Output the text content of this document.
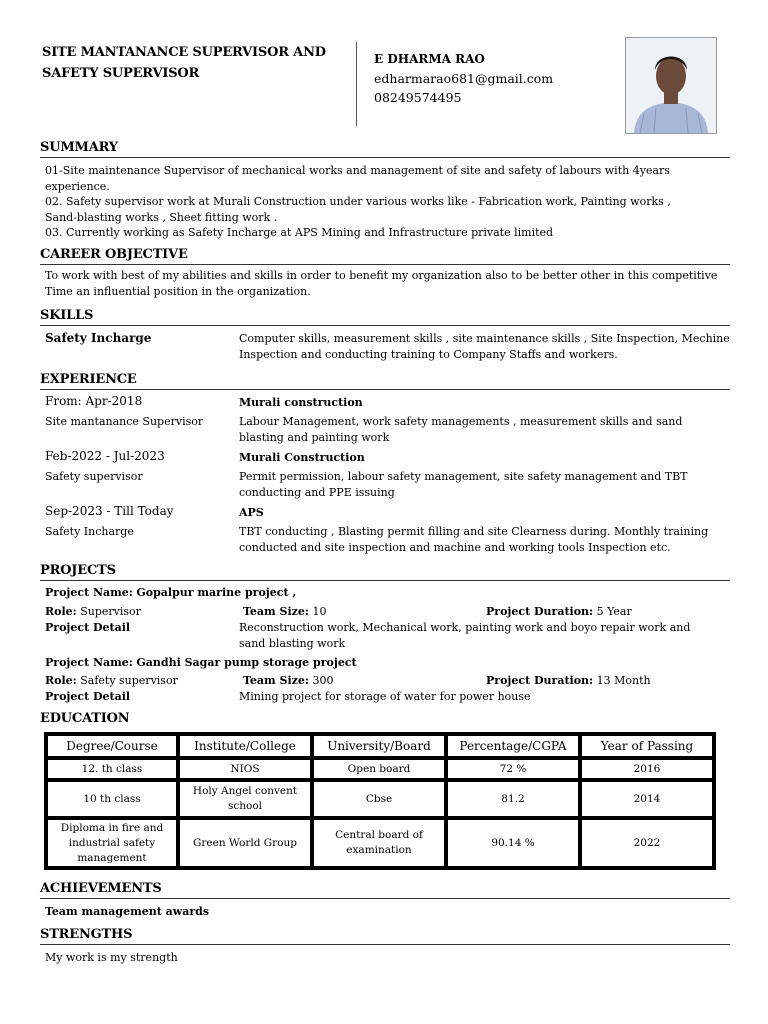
SITE MANTANANCE SUPERVISOR AND
SAFETY SUPERVISOR
E DHARMA RAO
edharmarao681@gmail.com
08249574495
SUMMARY
01-Site maintenance Supervisor of mechanical works and management of site and safety of labours with 4years
experience.
02. Safety supervisor work at Murali Construction under various works like - Fabrication work, Painting works ,
Sand-blasting works , Sheet fitting work .
03. Currently working as Safety Incharge at APS Mining and Infrastructure private limited
CAREER OBJECTIVE
To work with best of my abilities and skills in order to benefit my organization also to be better other in this competitive
Time an influential position in the organization.
SKILLS
Safety Incharge	Computer skills, measurement skills , site maintenance skills , Site Inspection, Mechine
Inspection and conducting training to Company Staffs and workers.
EXPERIENCE
From: Apr-2018	Murali construction
Site mantanance Supervisor	Labour Management, work safety managements , measurement skills and sand
blasting and painting work
Feb-2022 - Jul-2023	Murali Construction
Safety supervisor	Permit permission, labour safety management, site safety management and TBT
conducting and PPE issuing
Sep-2023 - Till Today	APS
Safety Incharge	TBT conducting , Blasting permit filling and site Clearness during. Monthly training
conducted and site inspection and machine and working tools Inspection etc.
PROJECTS
Project Name: Gopalpur marine project ,
Role: Supervisor	Team Size: 10	Project Duration: 5 Year
Project Detail	Reconstruction work, Mechanical work, painting work and boyo repair work and
sand blasting work
Project Name: Gandhi Sagar pump storage project
Role: Safety supervisor	Team Size: 300	Project Duration: 13 Month
Project Detail	Mining project for storage of water for power house
EDUCATION
Degree/Course	Institute/College	University/Board	Percentage/CGPA	Year of Passing
12. th class	NIOS	Open board	72 %	2016
10 th class	Holy Angel convent school	Cbse	81.2	2014
Diploma in fire and industrial safety management	Green World Group	Central board of examination	90.14 %	2022
ACHIEVEMENTS
Team management awards
STRENGTHS
My work is my strength
